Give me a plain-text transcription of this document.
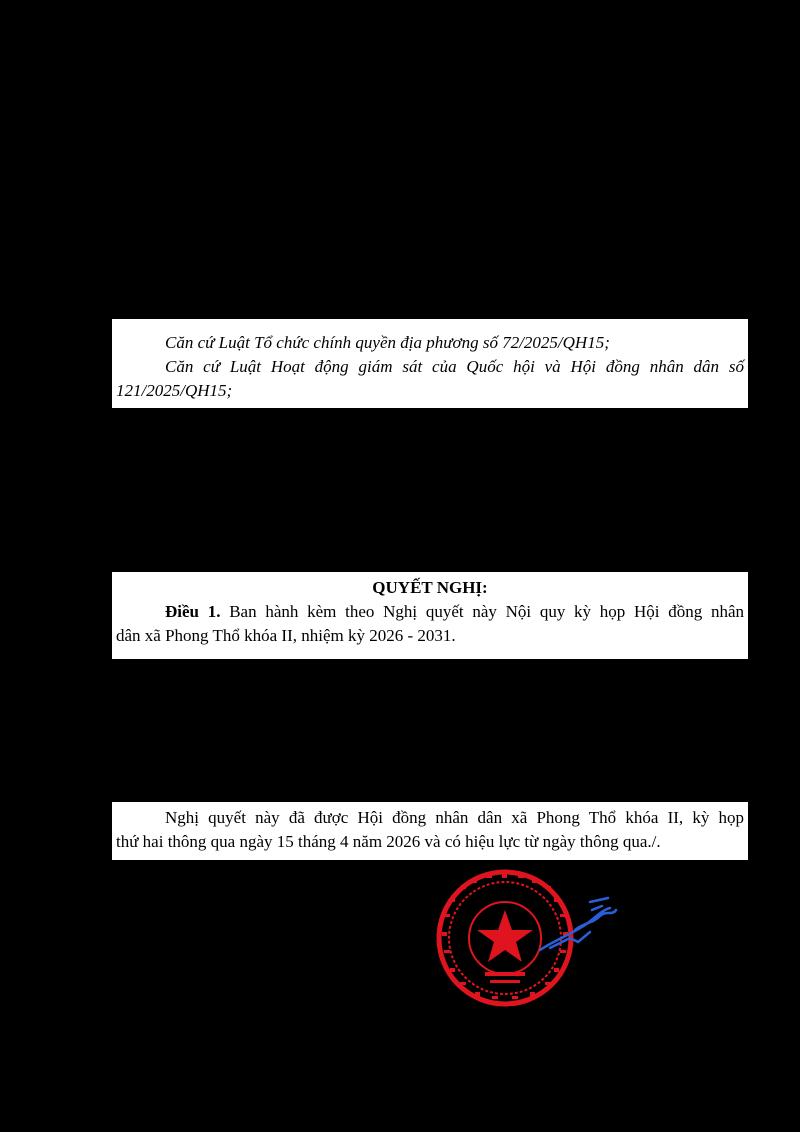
Căn cứ Luật Tổ chức chính quyền địa phương số 72/2025/QH15;
Căn cứ Luật Hoạt động giám sát của Quốc hội và Hội đồng nhân dân số
121/2025/QH15;
QUYẾT NGHỊ:
Điều 1. Ban hành kèm theo Nghị quyết này Nội quy kỳ họp Hội đồng nhân
dân xã Phong Thổ khóa II, nhiệm kỳ 2026 - 2031.
Nghị quyết này đã được Hội đồng nhân dân xã Phong Thổ khóa II, kỳ họp
thứ hai thông qua ngày 15 tháng 4 năm 2026 và có hiệu lực từ ngày thông qua./.
